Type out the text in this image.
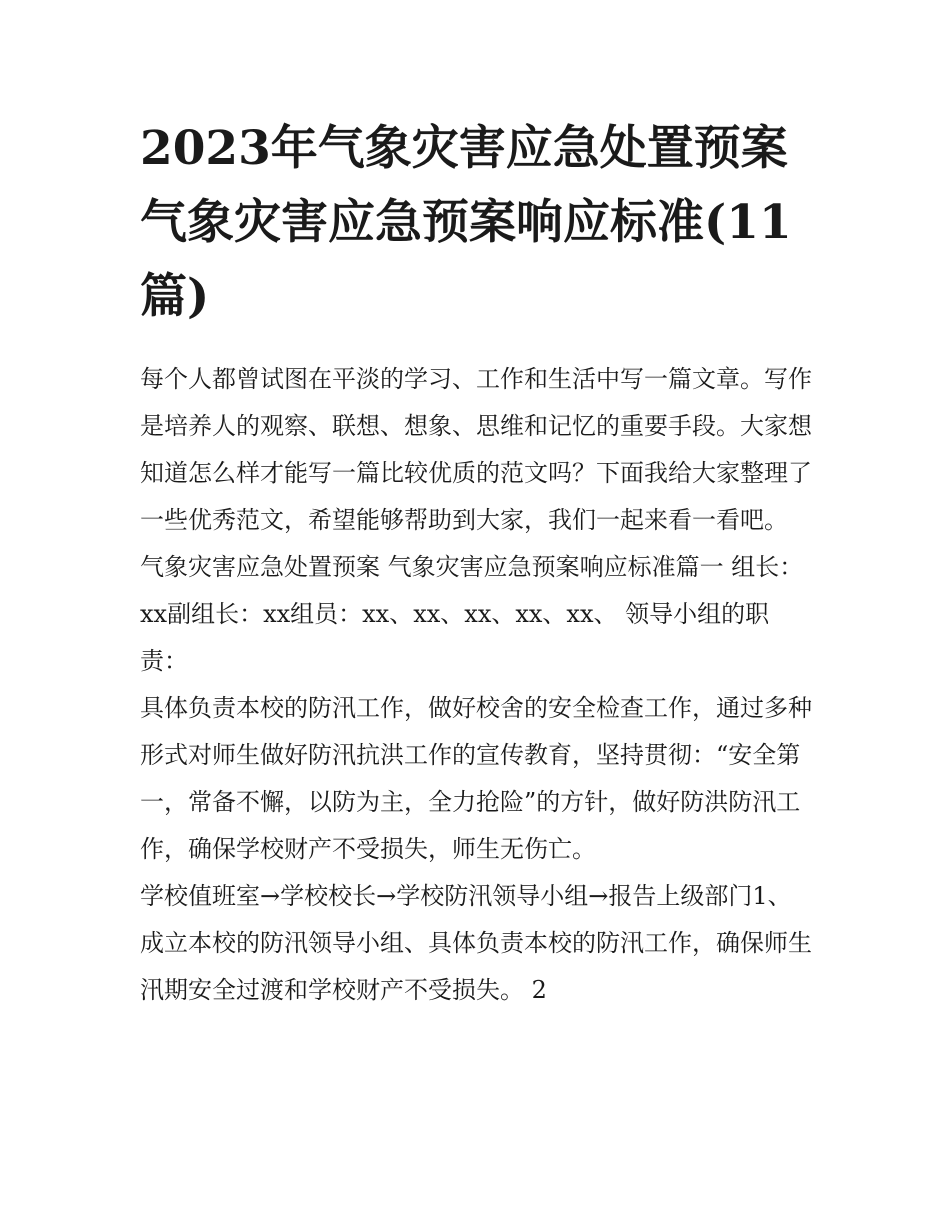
2023年气象灾害应急处置预案 气象灾害应急预案响应标准(11篇)

每个人都曾试图在平淡的学习、工作和生活中写一篇文章。写作是培养人的观察、联想、想象、思维和记忆的重要手段。大家想知道怎么样才能写一篇比较优质的范文吗？下面我给大家整理了一些优秀范文，希望能够帮助到大家，我们一起来看一看吧。

气象灾害应急处置预案 气象灾害应急预案响应标准篇一 组长：xx副组长：xx组员：xx、xx、xx、xx、xx、 领导小组的职责：

具体负责本校的防汛工作，做好校舍的安全检查工作，通过多种形式对师生做好防汛抗洪工作的宣传教育，坚持贯彻：“安全第一，常备不懈，以防为主，全力抢险”的方针，做好防洪防汛工作，确保学校财产不受损失，师生无伤亡。

学校值班室→学校校长→学校防汛领导小组→报告上级部门1、成立本校的防汛领导小组、具体负责本校的防汛工作，确保师生汛期安全过渡和学校财产不受损失。 2
